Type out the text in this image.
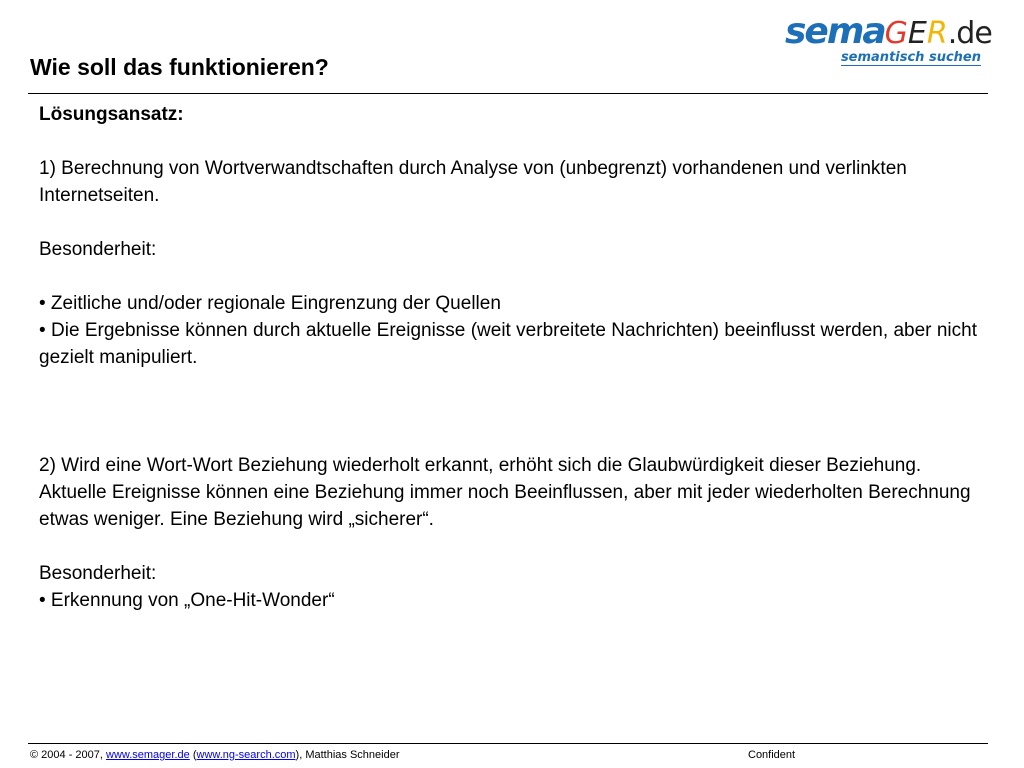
Wie soll das funktionieren?
semaGER.de
semantisch suchen

Lösungsansatz:

1) Berechnung von Wortverwandtschaften durch Analyse von (unbegrenzt) vorhandenen und verlinkten Internetseiten.

Besonderheit:

• Zeitliche und/oder regionale Eingrenzung der Quellen

• Die Ergebnisse können durch aktuelle Ereignisse (weit verbreitete Nachrichten) beeinflusst werden, aber nicht gezielt manipuliert.

2) Wird eine Wort-Wort Beziehung wiederholt erkannt, erhöht sich die Glaubwürdigkeit dieser Beziehung. Aktuelle Ereignisse können eine Beziehung immer noch Beeinflussen, aber mit jeder wiederholten Berechnung etwas weniger. Eine Beziehung wird „sicherer“.

Besonderheit:

• Erkennung von „One-Hit-Wonder“

© 2004 - 2007, www.semager.de (www.ng-search.com), Matthias Schneider	Confident
